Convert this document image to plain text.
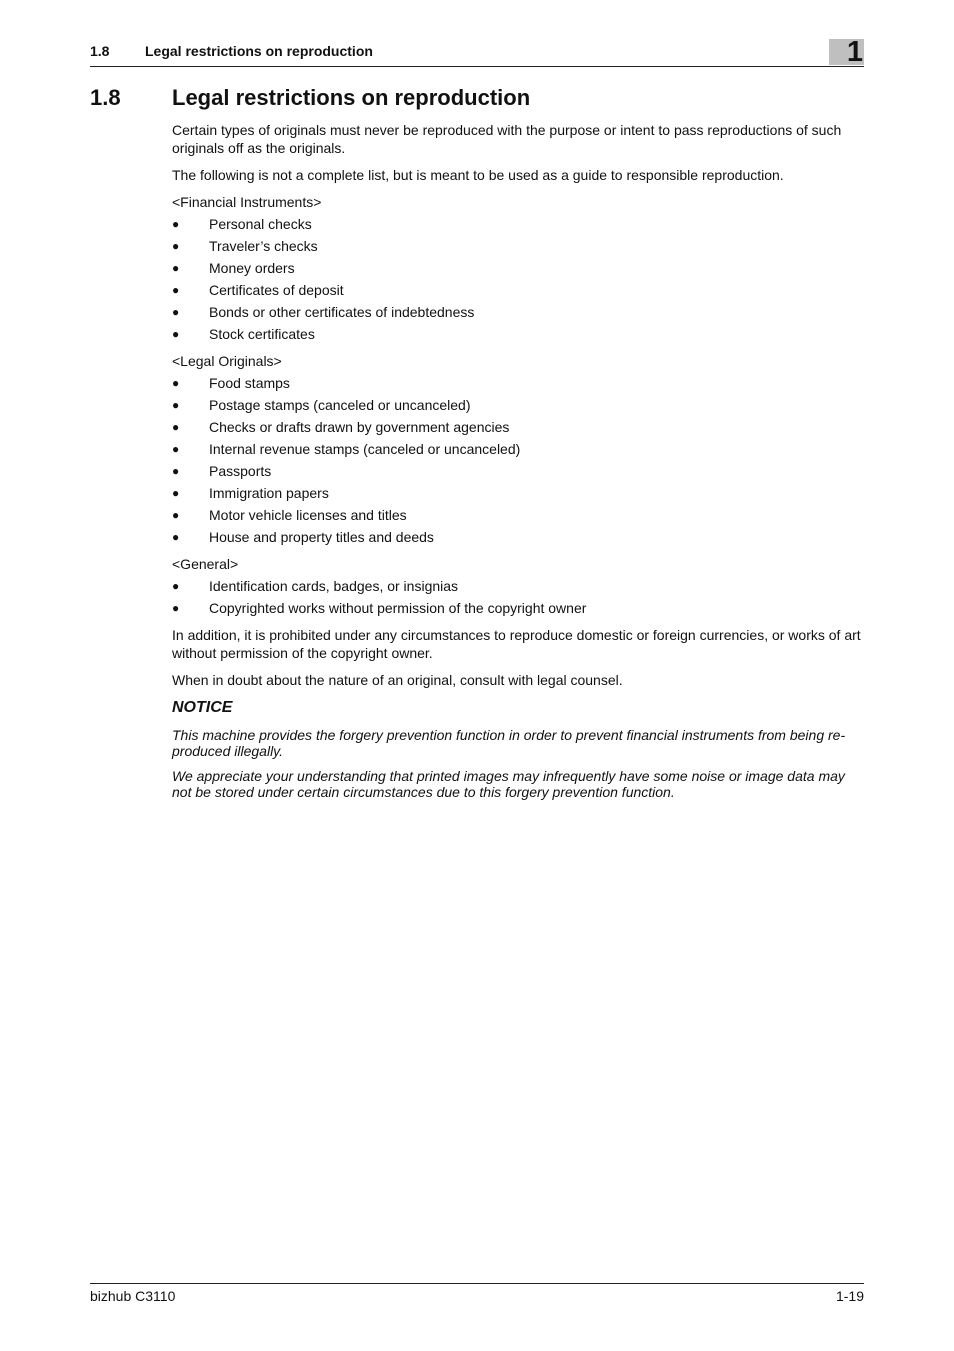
1.8	Legal restrictions on reproduction	1
1.8 Legal restrictions on reproduction

Certain types of originals must never be reproduced with the purpose or intent to pass reproductions of such originals off as the originals.

The following is not a complete list, but is meant to be used as a guide to responsible reproduction.

<Financial Instruments>

● Personal checks
● Traveler’s checks
● Money orders
● Certificates of deposit
● Bonds or other certificates of indebtedness
● Stock certificates

<Legal Originals>

● Food stamps
● Postage stamps (canceled or uncanceled)
● Checks or drafts drawn by government agencies
● Internal revenue stamps (canceled or uncanceled)
● Passports
● Immigration papers
● Motor vehicle licenses and titles
● House and property titles and deeds

<General>

● Identification cards, badges, or insignias
● Copyrighted works without permission of the copyright owner

In addition, it is prohibited under any circumstances to reproduce domestic or foreign currencies, or works of art without permission of the copyright owner.

When in doubt about the nature of an original, consult with legal counsel.

NOTICE

This machine provides the forgery prevention function in order to prevent financial instruments from being re-produced illegally.

We appreciate your understanding that printed images may infrequently have some noise or image data may not be stored under certain circumstances due to this forgery prevention function.

bizhub C3110	1-19
